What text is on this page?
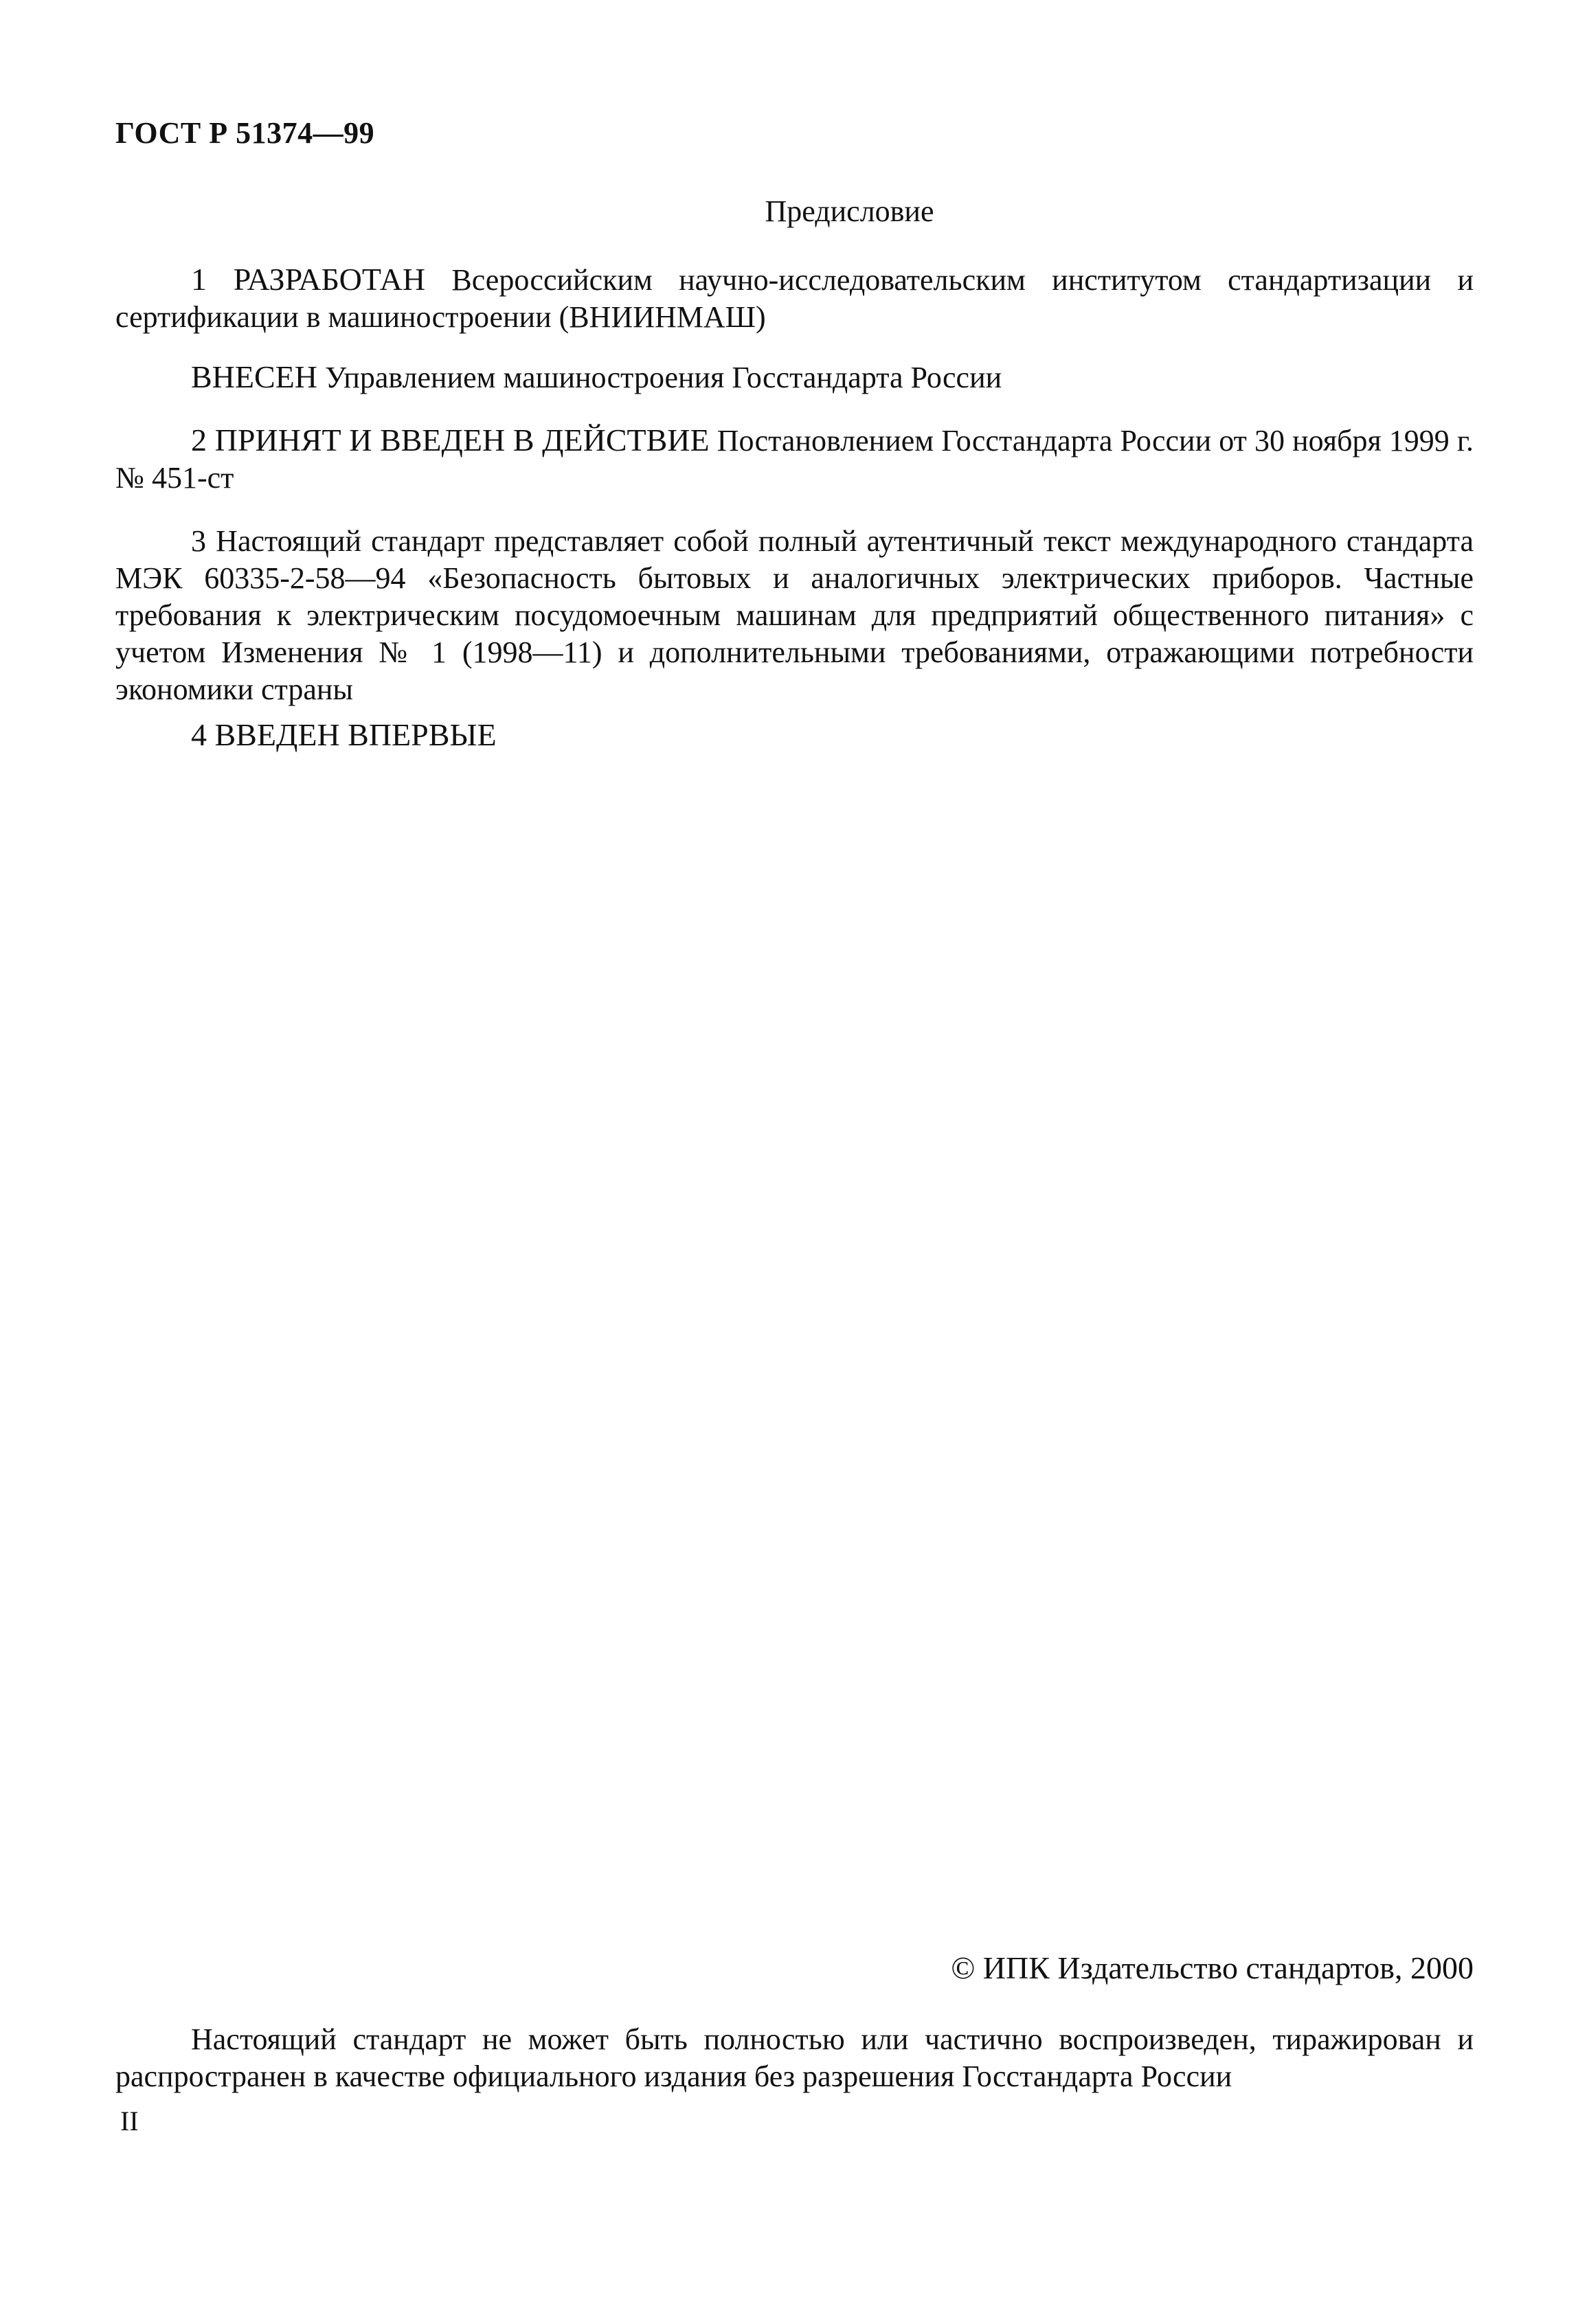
ГОСТ Р 51374—99
Предисловие

1 РАЗРАБОТАН Всероссийским научно-исследовательским институтом стандартизации и сертификации в машиностроении (ВНИИНМАШ)

ВНЕСЕН Управлением машиностроения Госстандарта России

2 ПРИНЯТ И ВВЕДЕН В ДЕЙСТВИЕ Постановлением Госстандарта России от 30 ноября 1999 г. № 451-ст

3 Настоящий стандарт представляет собой полный аутентичный текст международного стандарта МЭК 60335-2-58—94 «Безопасность бытовых и аналогичных электрических приборов. Частные требования к электрическим посудомоечным машинам для предприятий общественного питания» с учетом Изменения № 1 (1998—11) и дополнительными требованиями, отражающими потребности экономики страны

4 ВВЕДЕН ВПЕРВЫЕ

© ИПК Издательство стандартов, 2000

Настоящий стандарт не может быть полностью или частично воспроизведен, тиражирован и распространен в качестве официального издания без разрешения Госстандарта России

II
